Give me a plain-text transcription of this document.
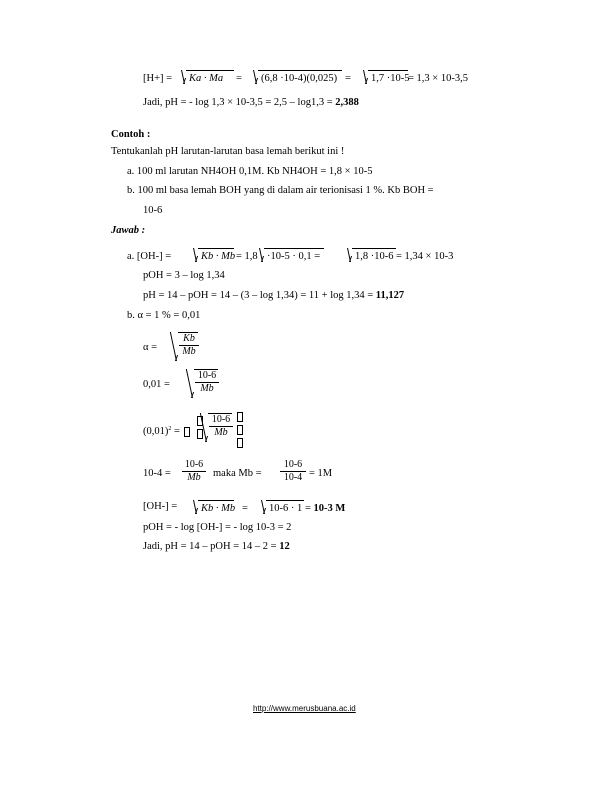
[H+] = Ka · Ma = (6,8 ·10-4)(0,025) = 1,7 ·10-5
= 1,3 × 10-3,5
Jadi, pH = - log 1,3 × 10-3,5 = 2,5 – log1,3 = 2,388
Contoh :
Tentukanlah pH larutan-larutan basa lemah berikut ini !
a. 100 ml larutan NH4OH 0,1M. Kb NH4OH = 1,8 × 10-5
b. 100 ml basa lemah BOH yang di dalam air terionisasi 1 %. Kb BOH =
10-6
Jawab :
a. [OH-] =	Kb · Mb = 1,8 ·10-5 · 0,1 =	1,8 ·10-6 = 1,34 × 10-3
pOH = 3 – log 1,34
pH = 14 – pOH = 14 – (3 – log 1,34) = 11 + log 1,34 = 11,127
b. α = 1 % = 0,01
$\alpha = \frac{Kb}{Mb}$
0,01 =	$\frac{10-6}{Mb}$
$(0,01)^2$ =	$\frac{10-6}{Mb}$

$10-4 = \frac{10-6}{Mb}$ maka $Mb = \frac{10-6}{10-4} = 1M$
[OH-] = Kb · Mb = 10-6 · 1 = 10-3 M
pOH = - log [OH-] = - log 10-3 = 2
Jadi, pH = 14 – pOH = 14 – 2 = 12
http://www.merusbuana.ac.id
